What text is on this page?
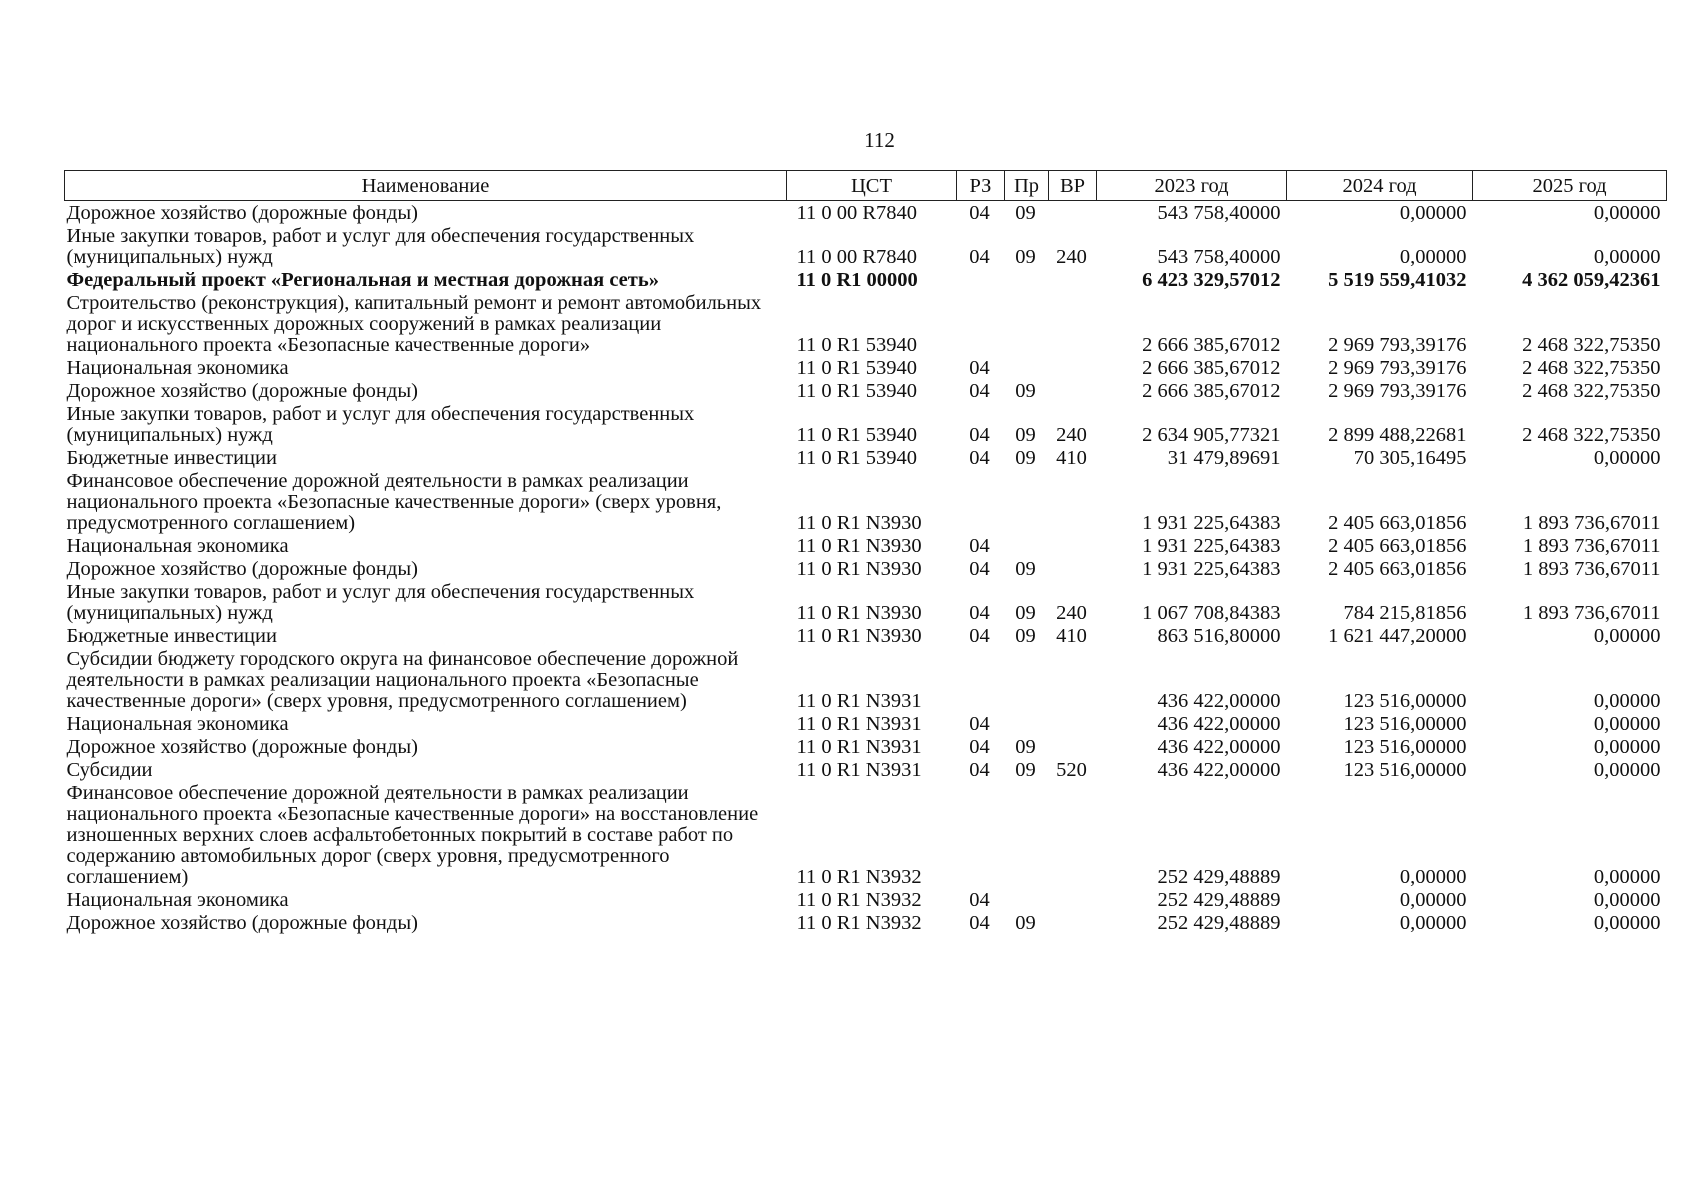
112
Наименование	ЦСТ	РЗ	Пр	ВР	2023 год	2024 год	2025 год
Дорожное хозяйство (дорожные фонды)	11 0 00 R7840	04	09		543 758,40000	0,00000	0,00000
Иные закупки товаров, работ и услуг для обеспечения государственных (муниципальных) нужд	11 0 00 R7840	04	09	240	543 758,40000	0,00000	0,00000
Федеральный проект «Региональная и местная дорожная сеть»	11 0 R1 00000				6 423 329,57012	5 519 559,41032	4 362 059,42361
Строительство (реконструкция), капитальный ремонт и ремонт автомобильных дорог и искусственных дорожных сооружений в рамках реализации национального проекта «Безопасные качественные дороги»	11 0 R1 53940				2 666 385,67012	2 969 793,39176	2 468 322,75350
Национальная экономика	11 0 R1 53940	04			2 666 385,67012	2 969 793,39176	2 468 322,75350
Дорожное хозяйство (дорожные фонды)	11 0 R1 53940	04	09		2 666 385,67012	2 969 793,39176	2 468 322,75350
Иные закупки товаров, работ и услуг для обеспечения государственных (муниципальных) нужд	11 0 R1 53940	04	09	240	2 634 905,77321	2 899 488,22681	2 468 322,75350
Бюджетные инвестиции	11 0 R1 53940	04	09	410	31 479,89691	70 305,16495	0,00000
Финансовое обеспечение дорожной деятельности в рамках реализации национального проекта «Безопасные качественные дороги» (сверх уровня, предусмотренного соглашением)	11 0 R1 N3930				1 931 225,64383	2 405 663,01856	1 893 736,67011
Национальная экономика	11 0 R1 N3930	04			1 931 225,64383	2 405 663,01856	1 893 736,67011
Дорожное хозяйство (дорожные фонды)	11 0 R1 N3930	04	09		1 931 225,64383	2 405 663,01856	1 893 736,67011
Иные закупки товаров, работ и услуг для обеспечения государственных (муниципальных) нужд	11 0 R1 N3930	04	09	240	1 067 708,84383	784 215,81856	1 893 736,67011
Бюджетные инвестиции	11 0 R1 N3930	04	09	410	863 516,80000	1 621 447,20000	0,00000
Субсидии бюджету городского округа на финансовое обеспечение дорожной деятельности в рамках реализации национального проекта «Безопасные качественные дороги» (сверх уровня, предусмотренного соглашением)	11 0 R1 N3931				436 422,00000	123 516,00000	0,00000
Национальная экономика	11 0 R1 N3931	04			436 422,00000	123 516,00000	0,00000
Дорожное хозяйство (дорожные фонды)	11 0 R1 N3931	04	09		436 422,00000	123 516,00000	0,00000
Субсидии	11 0 R1 N3931	04	09	520	436 422,00000	123 516,00000	0,00000
Финансовое обеспечение дорожной деятельности в рамках реализации национального проекта «Безопасные качественные дороги» на восстановление изношенных верхних слоев асфальтобетонных покрытий в составе работ по содержанию автомобильных дорог (сверх уровня, предусмотренного соглашением)	11 0 R1 N3932				252 429,48889	0,00000	0,00000
Национальная экономика	11 0 R1 N3932	04			252 429,48889	0,00000	0,00000
Дорожное хозяйство (дорожные фонды)	11 0 R1 N3932	04	09		252 429,48889	0,00000	0,00000
